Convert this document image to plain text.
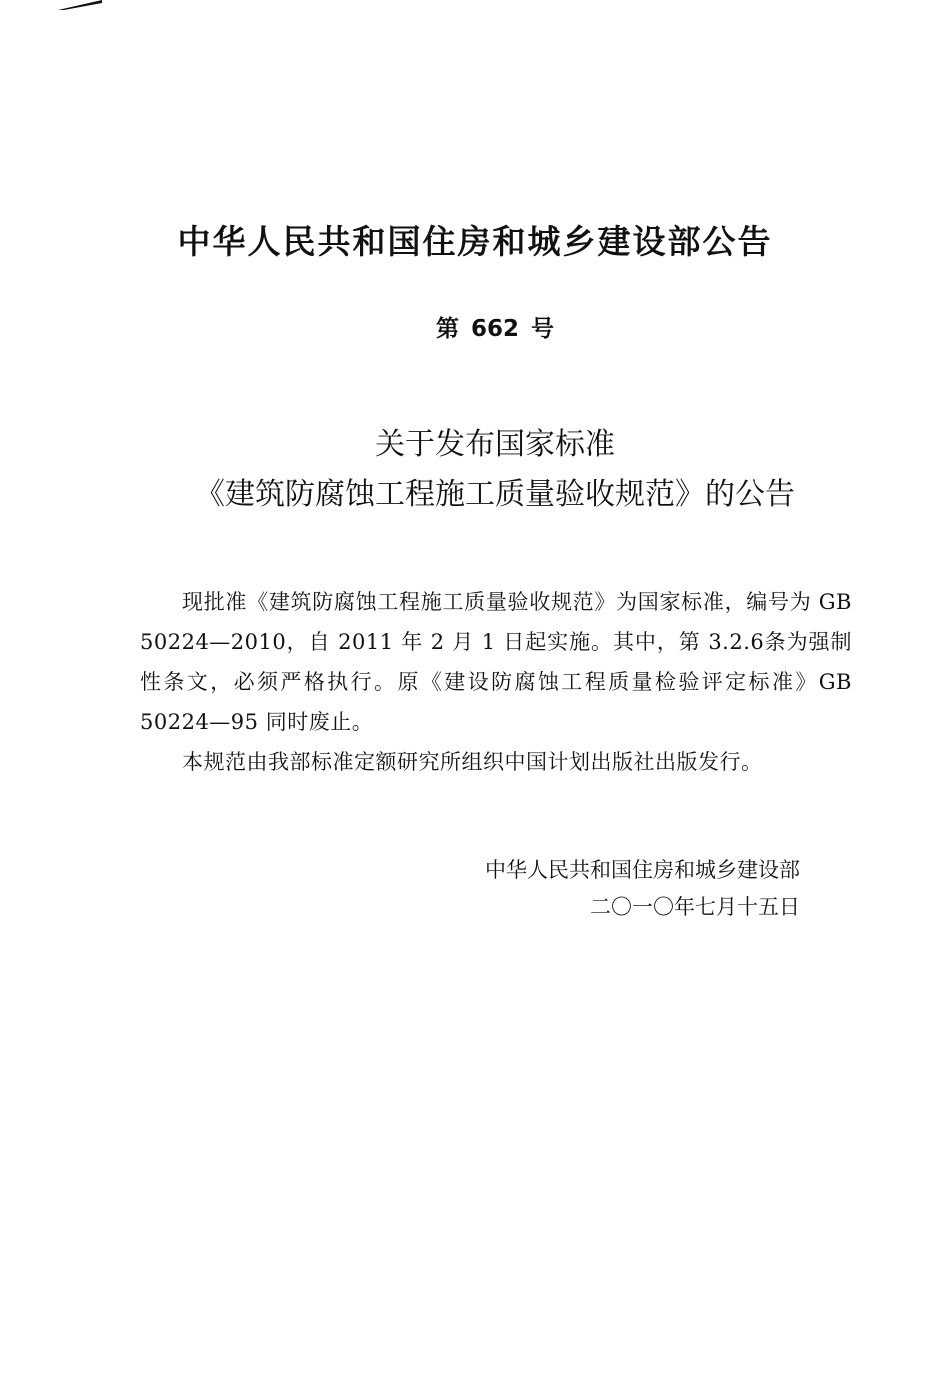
中华人民共和国住房和城乡建设部公告
第 662 号
关于发布国家标准
《建筑防腐蚀工程施工质量验收规范》的公告

现批准《建筑防腐蚀工程施工质量验收规范》为国家标准，编号为 GB 50224—2010，自 2011 年 2 月 1 日起实施。其中，第 3.2.6条为强制性条文，必须严格执行。原《建设防腐蚀工程质量检验评定标准》GB 50224—95 同时废止。

本规范由我部标准定额研究所组织中国计划出版社出版发行。

中华人民共和国住房和城乡建设部
二〇一〇年七月十五日
